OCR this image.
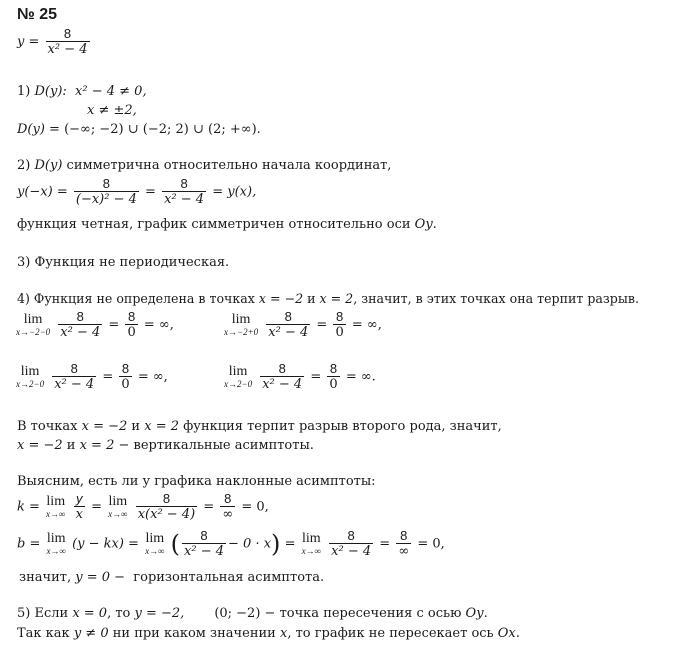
№ 25
$y = \frac{8}{\text{x² − 4}}$
1) D(y): x² − 4 ≠ 0,
x ≠ ±2,
D(y) = (−∞; −2) ∪ (−2; 2) ∪ (2; +∞).
2) D(y) симметрична относительно начала координат,
$y(-x) = \frac{8}{\text{(−x)² − 4}} = \frac{8}{\text{x² − 4}} = y(x)$,
функция четная, график симметричен относительно оси Oy.
3) Функция не периодическая.
4) Функция не определена в точках x = −2 и x = 2, значит, в этих точках она терпит разрыв.
lim
x→−2−0
$\frac{8}{\text{x² − 4}} = \frac{8}{0}$ = ∞,	lim
x→−2+0
$\frac{8}{\text{x² − 4}} = \frac{8}{0}$ = ∞,
lim
x→2−0
$\frac{8}{\text{x² − 4}} = \frac{8}{0}$ = ∞,	lim
x→2−0
$\frac{8}{\text{x² − 4}} = \frac{8}{0}$ = ∞.
В точках x = −2 и x = 2 функция терпит разрыв второго рода, значит,
x = −2 и x = 2 − вертикальные асимптоты.
Выясним, есть ли у графика наклонные асимптоты:
k = lim
x→∞
$\frac{y}{x} = \lim$
x→∞
$\frac{8}{\text{x(x² − 4)}} = \frac{8}{\infty} = 0$,
b = lim
x→∞ (y − kx) = lim
x→∞ ( $\frac{8}{\text{x² − 4}} - 0 \cdot x) = \lim$
x→∞
$\frac{8}{\text{x² − 4}} = \frac{8}{\infty} = 0$,
значит, y = 0 −  горизонтальная асимптота.
5) Если x = 0, то y = −2, (0; −2) − точка пересечения с осью Oy.
Так как y ≠ 0 ни при каком значении x, то график не пересекает ось Ox.
